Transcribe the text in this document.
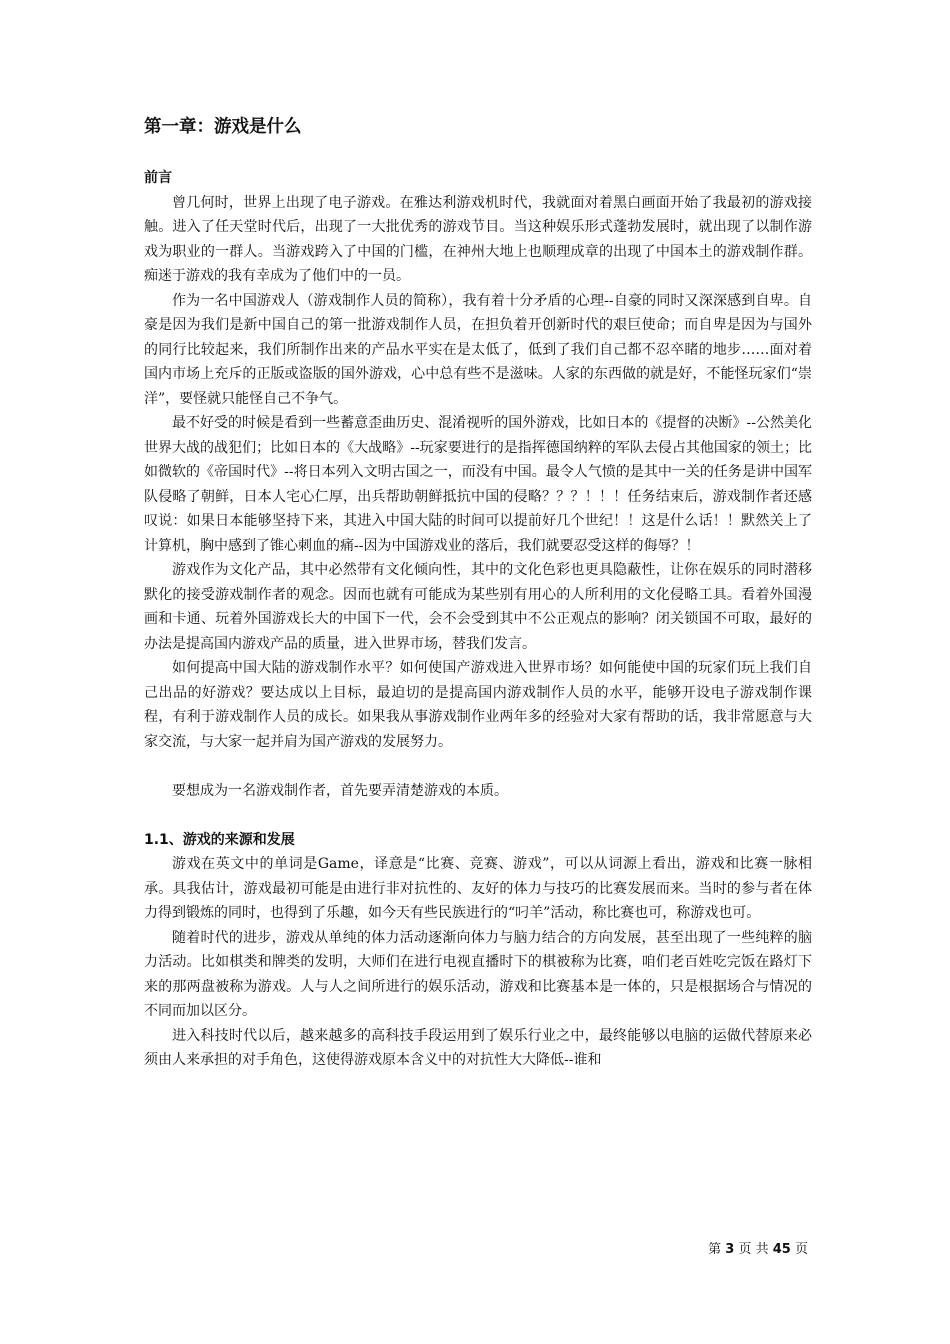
第一章：游戏是什么
前言

曾几何时，世界上出现了电子游戏。在雅达利游戏机时代，我就面对着黑白画面开始了我最初的游戏接触。进入了任天堂时代后，出现了一大批优秀的游戏节目。当这种娱乐形式蓬勃发展时，就出现了以制作游戏为职业的一群人。当游戏跨入了中国的门槛，在神州大地上也顺理成章的出现了中国本土的游戏制作群。痴迷于游戏的我有幸成为了他们中的一员。

作为一名中国游戏人（游戏制作人员的简称），我有着十分矛盾的心理--自豪的同时又深深感到自卑。自豪是因为我们是新中国自己的第一批游戏制作人员，在担负着开创新时代的艰巨使命；而自卑是因为与国外的同行比较起来，我们所制作出来的产品水平实在是太低了，低到了我们自己都不忍卒睹的地步……面对着国内市场上充斥的正版或盗版的国外游戏，心中总有些不是滋味。人家的东西做的就是好，不能怪玩家们“崇洋”，要怪就只能怪自己不争气。

最不好受的时候是看到一些蓄意歪曲历史、混淆视听的国外游戏，比如日本的《提督的决断》--公然美化世界大战的战犯们；比如日本的《大战略》--玩家要进行的是指挥德国纳粹的军队去侵占其他国家的领土；比如微软的《帝国时代》--将日本列入文明古国之一，而没有中国。最令人气愤的是其中一关的任务是讲中国军队侵略了朝鲜，日本人宅心仁厚，出兵帮助朝鲜抵抗中国的侵略？？？！！！任务结束后，游戏制作者还感叹说：如果日本能够坚持下来，其进入中国大陆的时间可以提前好几个世纪！！这是什么话！！默然关上了计算机，胸中感到了锥心刺血的痛--因为中国游戏业的落后，我们就要忍受这样的侮辱？！

游戏作为文化产品，其中必然带有文化倾向性，其中的文化色彩也更具隐蔽性，让你在娱乐的同时潜移默化的接受游戏制作者的观念。因而也就有可能成为某些别有用心的人所利用的文化侵略工具。看着外国漫画和卡通、玩着外国游戏长大的中国下一代，会不会受到其中不公正观点的影响？闭关锁国不可取，最好的办法是提高国内游戏产品的质量，进入世界市场，替我们发言。

如何提高中国大陆的游戏制作水平？如何使国产游戏进入世界市场？如何能使中国的玩家们玩上我们自己出品的好游戏？要达成以上目标，最迫切的是提高国内游戏制作人员的水平，能够开设电子游戏制作课程，有利于游戏制作人员的成长。如果我从事游戏制作业两年多的经验对大家有帮助的话，我非常愿意与大家交流，与大家一起并肩为国产游戏的发展努力。

要想成为一名游戏制作者，首先要弄清楚游戏的本质。

1.1、游戏的来源和发展

游戏在英文中的单词是Game，译意是“比赛、竞赛、游戏”，可以从词源上看出，游戏和比赛一脉相承。具我估计，游戏最初可能是由进行非对抗性的、友好的体力与技巧的比赛发展而来。当时的参与者在体力得到锻炼的同时，也得到了乐趣，如今天有些民族进行的“叼羊”活动，称比赛也可，称游戏也可。

随着时代的进步，游戏从单纯的体力活动逐渐向体力与脑力结合的方向发展，甚至出现了一些纯粹的脑力活动。比如棋类和牌类的发明，大师们在进行电视直播时下的棋被称为比赛，咱们老百姓吃完饭在路灯下来的那两盘被称为游戏。人与人之间所进行的娱乐活动，游戏和比赛基本是一体的，只是根据场合与情况的不同而加以区分。

进入科技时代以后，越来越多的高科技手段运用到了娱乐行业之中，最终能够以电脑的运做代替原来必须由人来承担的对手角色，这使得游戏原本含义中的对抗性大大降低--谁和

第 3 页 共 45 页
